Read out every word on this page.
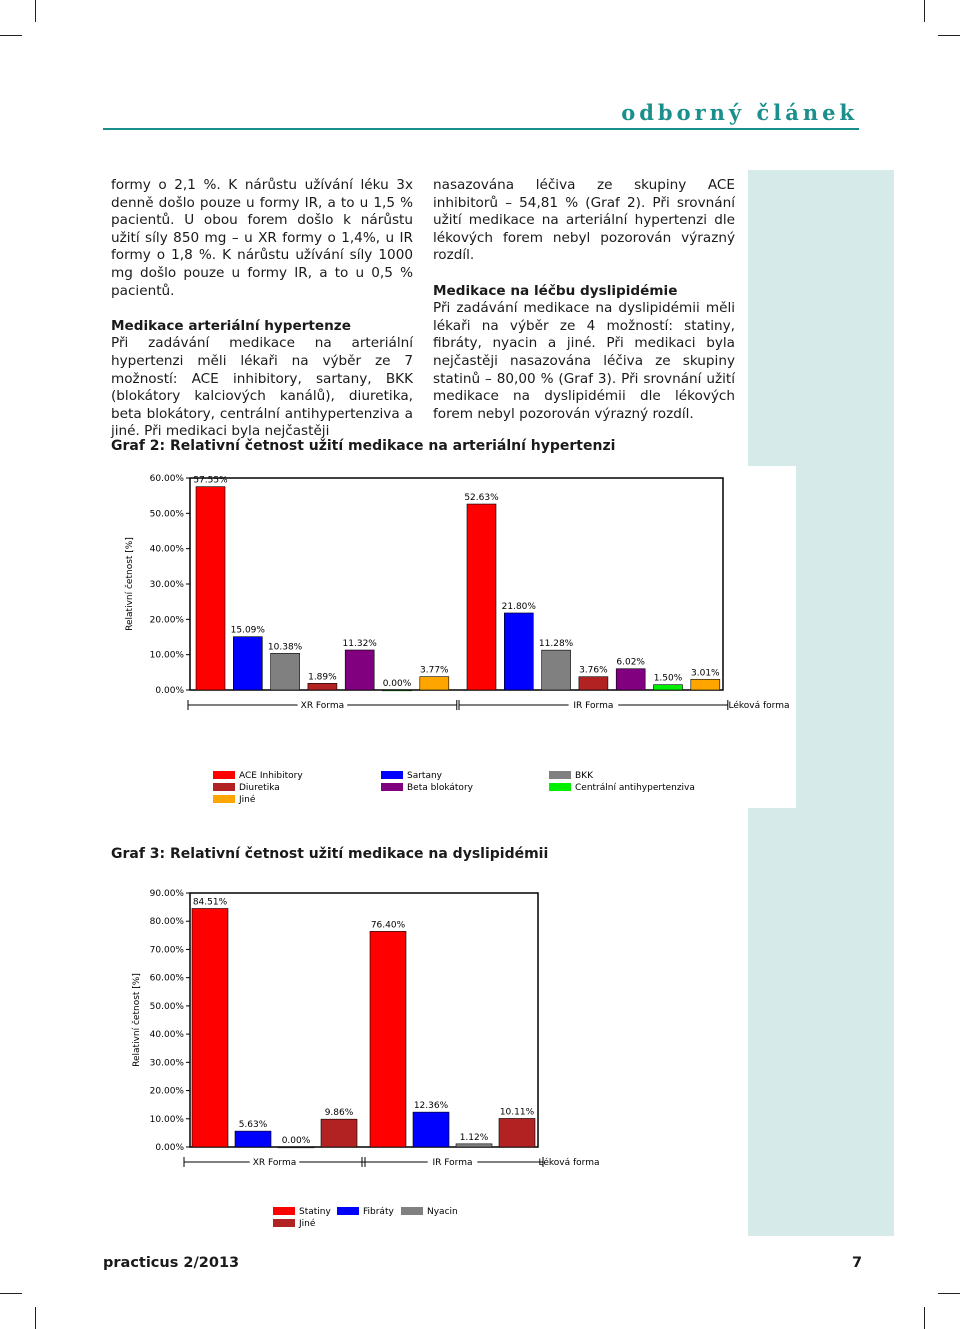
odborný článek

formy o 2,1 %. K nárůstu užívání léku 3x denně došlo pouze u formy IR, a to u 1,5 % pacientů. U obou forem došlo k nárůstu užití síly 850 mg – u XR formy o 1,4%, u IR formy o 1,8 %. K nárůstu užívání síly 1000 mg došlo pouze u formy IR, a to u 0,5 % pacientů.

Medikace arteriální hypertenze

Při zadávání medikace na arteriální hypertenzi měli lékaři na výběr ze 7 možností: ACE inhibitory, sartany, BKK (blokátory kalciových kanálů), diuretika, beta blokátory, centrální antihypertenziva a jiné. Při medikaci byla nejčastěji

nasazována léčiva ze skupiny ACE inhibitorů – 54,81 % (Graf 2). Při srovnání užití medikace na arteriální hypertenzi dle lékových forem nebyl pozorován výrazný rozdíl.

Medikace na léčbu dyslipidémie

Při zadávání medikace na dyslipidémii měli lékaři na výběr ze 4 možností: statiny, fibráty, nyacin a jiné. Při medikaci byla nejčastěji nasazována léčiva ze skupiny statinů – 80,00 % (Graf 3). Při srovnání užití medikace na dyslipidémii dle lékových forem nebyl pozorován výrazný rozdíl.

Graf 2: Relativní četnost užití medikace na arteriální hypertenzi
0.00%
10.00%
20.00%
30.00%
40.00%
50.00%
60.00%
Relativní četnost [%]
57.55%
15.09%
10.38%
1.89%
11.32%
0.00%
3.77%
XR Forma
52.63%
21.80%
11.28%
3.76%
6.02%
1.50%
3.01%
IR Forma	Léková forma
ACE Inhibitory	Sartany	BKK
Diuretika	Beta blokátory	Centrální antihypertenziva
Jiné
Graf 3: Relativní četnost užití medikace na dyslipidémii
0.00%
10.00%
20.00%
30.00%
40.00%
50.00%
60.00%
70.00%
80.00%
90.00%
Relativní četnost [%]
84.51%
5.63%
0.00%
9.86%
XR Forma
76.40%
12.36%
1.12%
10.11%
IR Forma	Léková forma
Statiny	Fibráty	Nyacin
Jiné
practicus 2/2013	7
